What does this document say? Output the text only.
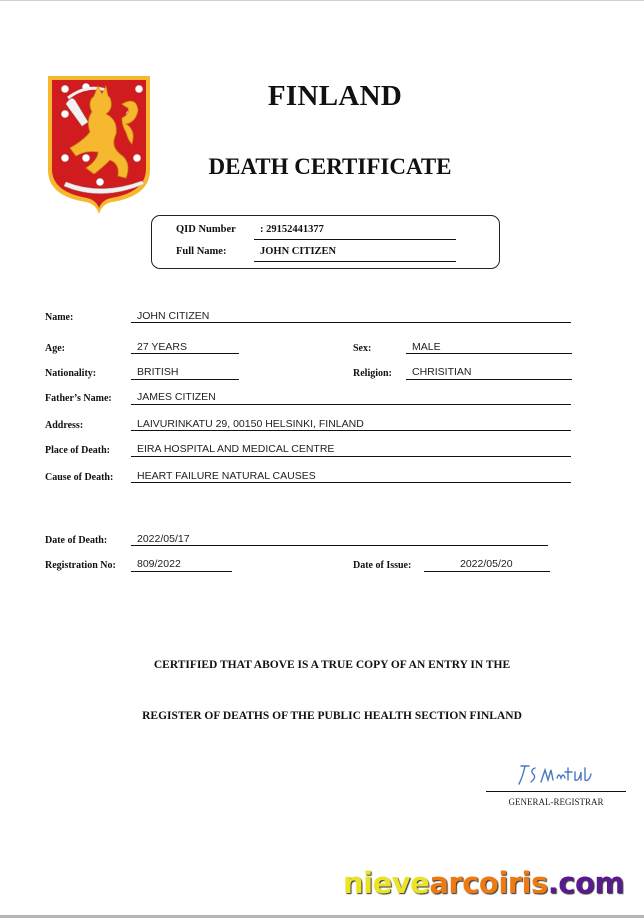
FINLAND
DEATH CERTIFICATE
QID Number : 29152441377
Full Name:	JOHN CITIZEN
Name:	JOHN CITIZEN
Age:	27 YEARS	Sex:	MALE
Nationality:	BRITISH	Religion: CHRISITIAN
Father’s Name: JAMES CITIZEN
Address:	LAIVURINKATU 29, 00150 HELSINKI, FINLAND
Place of Death:	EIRA HOSPITAL AND MEDICAL CENTRE
Cause of Death: HEART FAILURE NATURAL CAUSES
Date of Death:	2022/05/17
Registration No: 809/2022	Date of Issue:	2022/05/20
CERTIFIED THAT ABOVE IS A TRUE COPY OF AN ENTRY IN THE
REGISTER OF DEATHS OF THE PUBLIC HEALTH SECTION FINLAND
GENERAL-REGISTRAR
nievearcoiris.com
